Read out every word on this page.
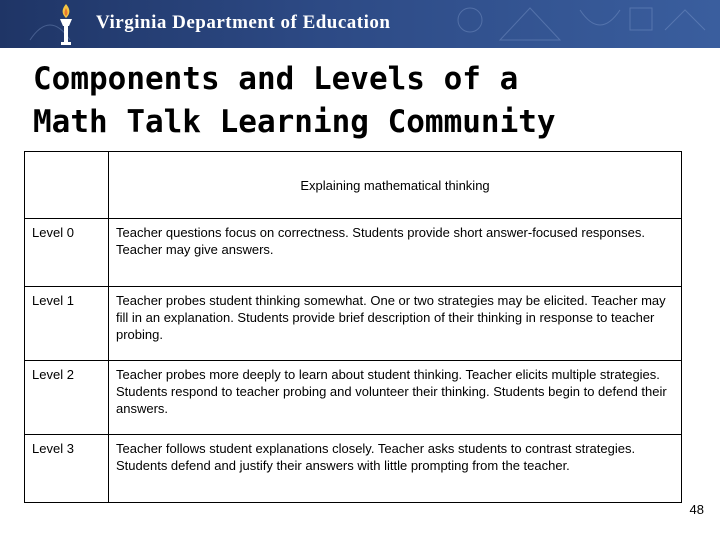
Virginia Department of Education
Components and Levels of a
Math Talk Learning Community
	Explaining mathematical thinking
Level 0	Teacher questions focus on correctness. Students provide short answer-focused responses. Teacher may give answers.
Level 1	Teacher probes student thinking somewhat. One or two strategies may be elicited. Teacher may fill in an explanation. Students provide brief description of their thinking in response to teacher probing.
Level 2	Teacher probes more deeply to learn about student thinking. Teacher elicits multiple strategies. Students respond to teacher probing and volunteer their thinking. Students begin to defend their answers.
Level 3	Teacher follows student explanations closely. Teacher asks students to contrast strategies. Students defend and justify their answers with little prompting from the teacher.
48
